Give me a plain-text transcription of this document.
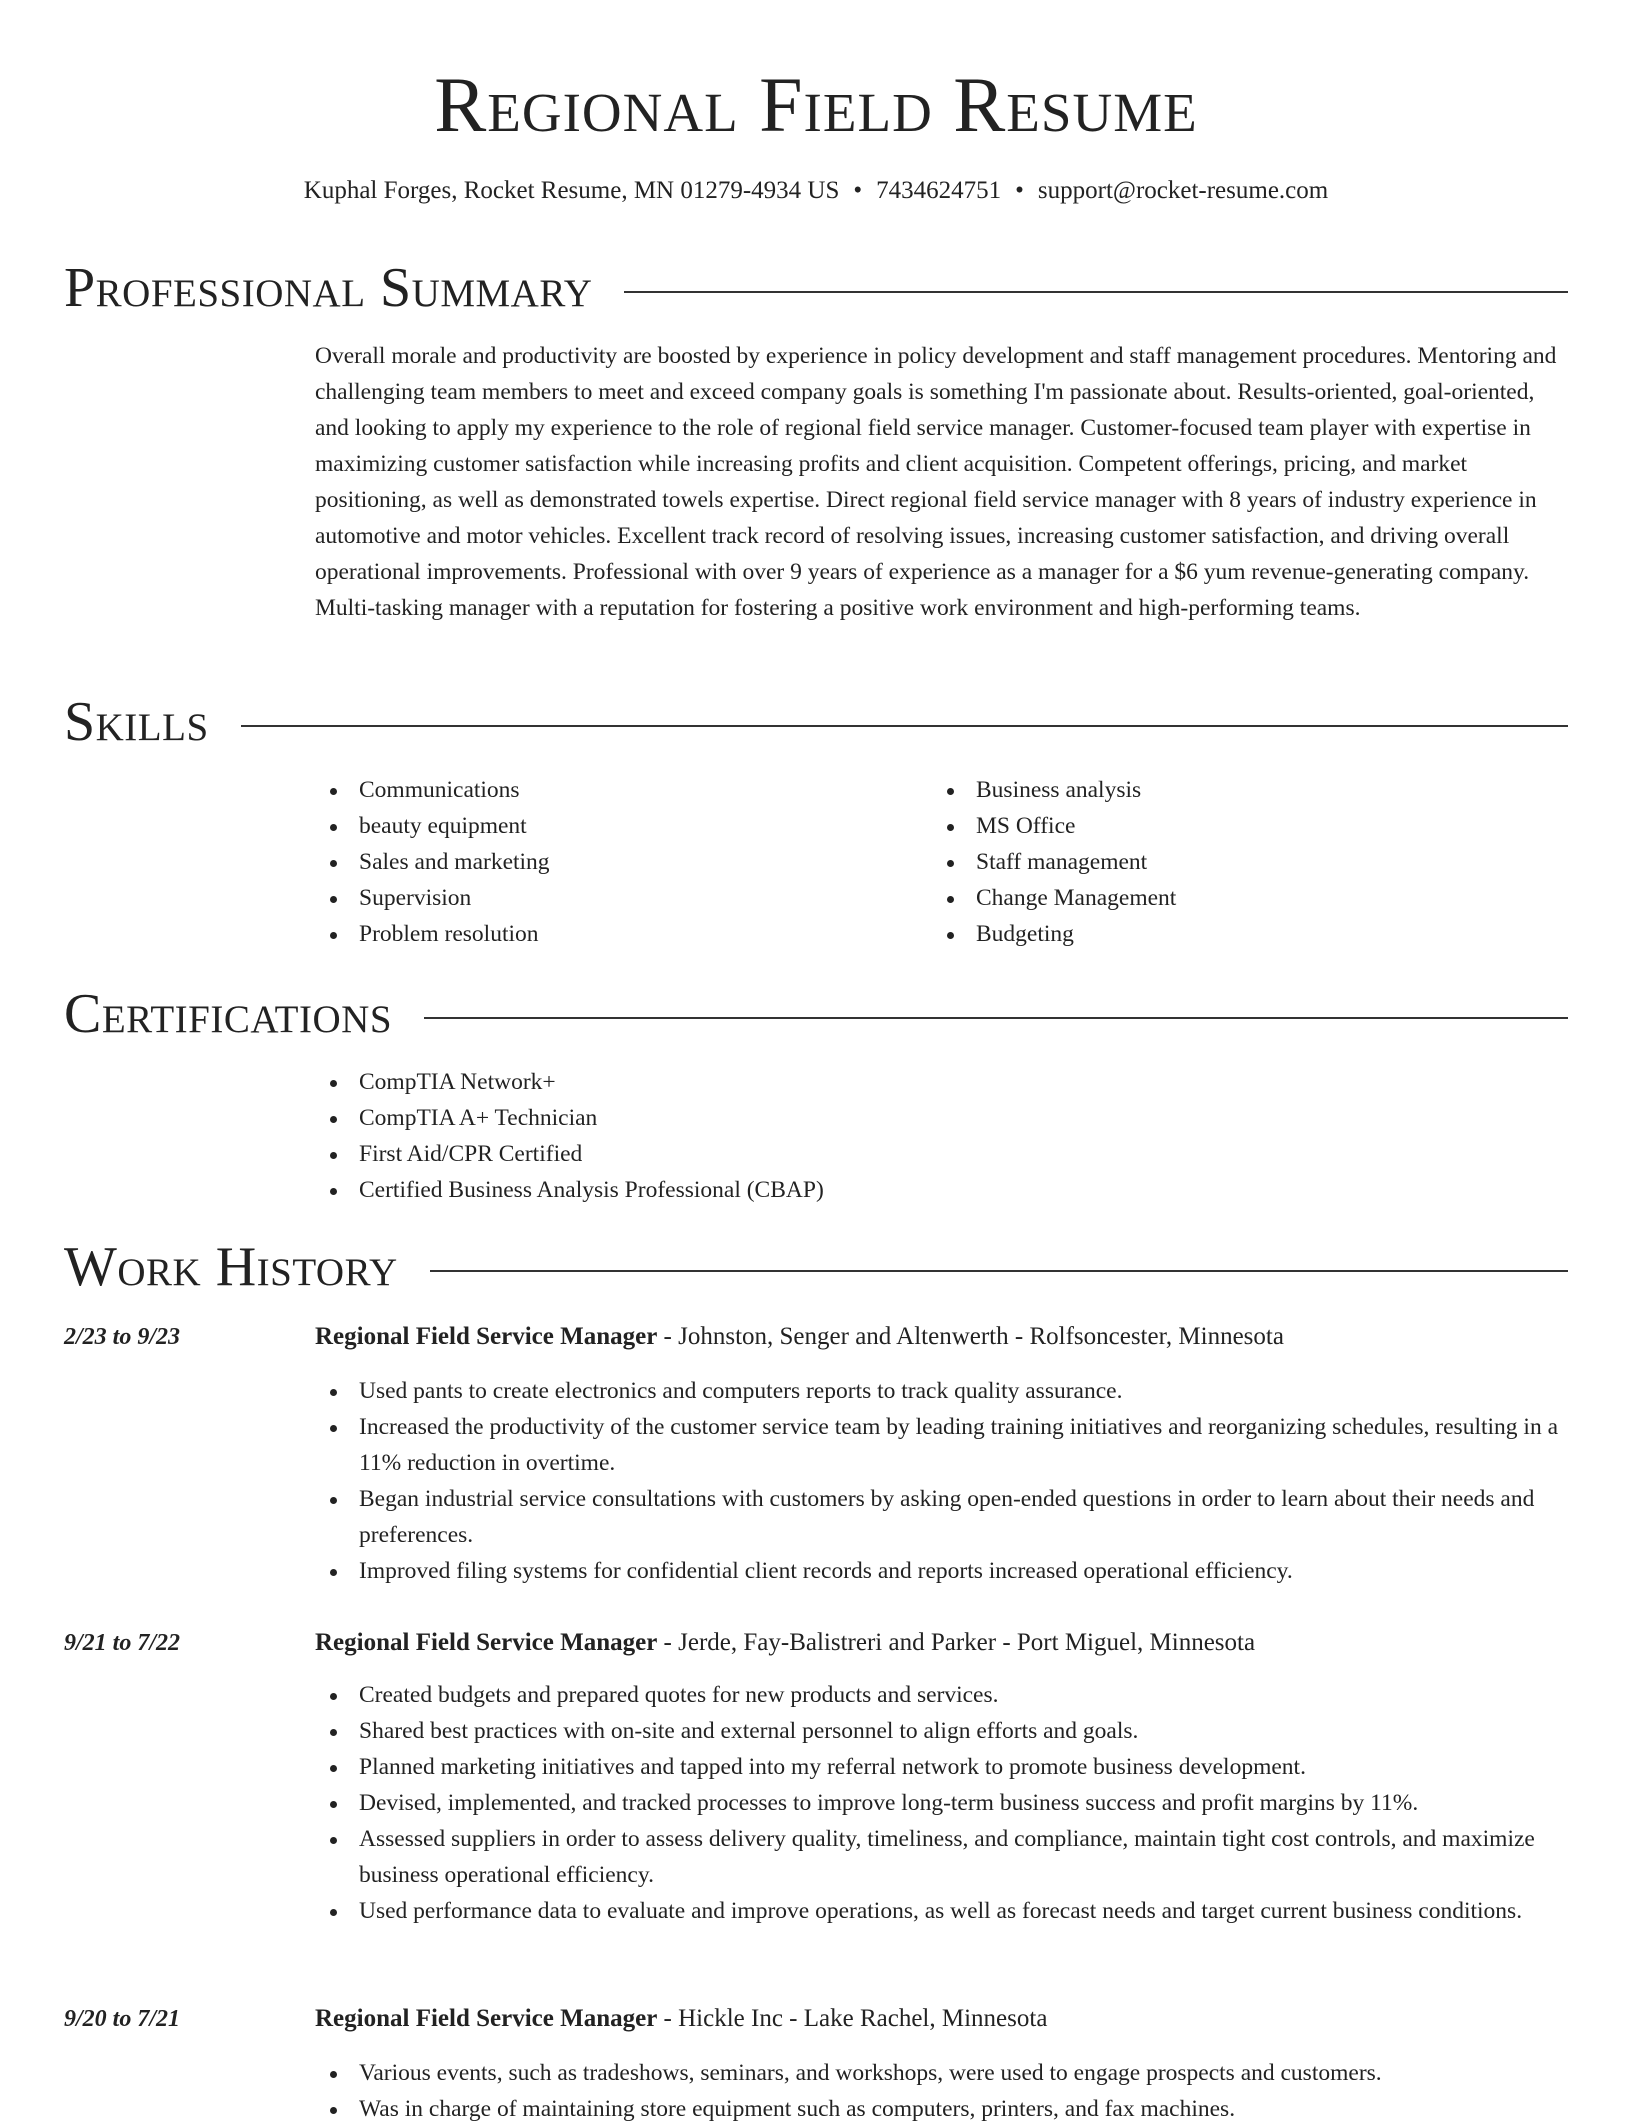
Regional Field Resume
Kuphal Forges, Rocket Resume, MN 01279-4934 US • 7434624751 • support@rocket-resume.com
Professional Summary

Overall morale and productivity are boosted by experience in policy development and staff management procedures. Mentoring and challenging team members to meet and exceed company goals is something I'm passionate about. Results-oriented, goal-oriented, and looking to apply my experience to the role of regional field service manager. Customer-focused team player with expertise in maximizing customer satisfaction while increasing profits and client acquisition. Competent offerings, pricing, and market positioning, as well as demonstrated towels expertise. Direct regional field service manager with 8 years of industry experience in automotive and motor vehicles. Excellent track record of resolving issues, increasing customer satisfaction, and driving overall operational improvements. Professional with over 9 years of experience as a manager for a $6 yum revenue-generating company. Multi-tasking manager with a reputation for fostering a positive work environment and high-performing teams.

Skills
Communications
beauty equipment
Sales and marketing
Supervision
Problem resolution
Business analysis
MS Office
Staff management
Change Management
Budgeting
Certifications
CompTIA Network+
CompTIA A+ Technician
First Aid/CPR Certified
Certified Business Analysis Professional (CBAP)
Work History
2/23 to 9/23	Regional Field Service Manager - Johnston, Senger and Altenwerth - Rolfsoncester, Minnesota
Used pants to create electronics and computers reports to track quality assurance.
Increased the productivity of the customer service team by leading training initiatives and reorganizing schedules, resulting in a 11% reduction in overtime.
Began industrial service consultations with customers by asking open-ended questions in order to learn about their needs and preferences.
Improved filing systems for confidential client records and reports increased operational efficiency.
9/21 to 7/22	Regional Field Service Manager - Jerde, Fay-Balistreri and Parker - Port Miguel, Minnesota
Created budgets and prepared quotes for new products and services.
Shared best practices with on-site and external personnel to align efforts and goals.
Planned marketing initiatives and tapped into my referral network to promote business development.
Devised, implemented, and tracked processes to improve long-term business success and profit margins by 11%.
Assessed suppliers in order to assess delivery quality, timeliness, and compliance, maintain tight cost controls, and maximize business operational efficiency.
Used performance data to evaluate and improve operations, as well as forecast needs and target current business conditions.
9/20 to 7/21	Regional Field Service Manager - Hickle Inc - Lake Rachel, Minnesota
Various events, such as tradeshows, seminars, and workshops, were used to engage prospects and customers.
Was in charge of maintaining store equipment such as computers, printers, and fax machines.
